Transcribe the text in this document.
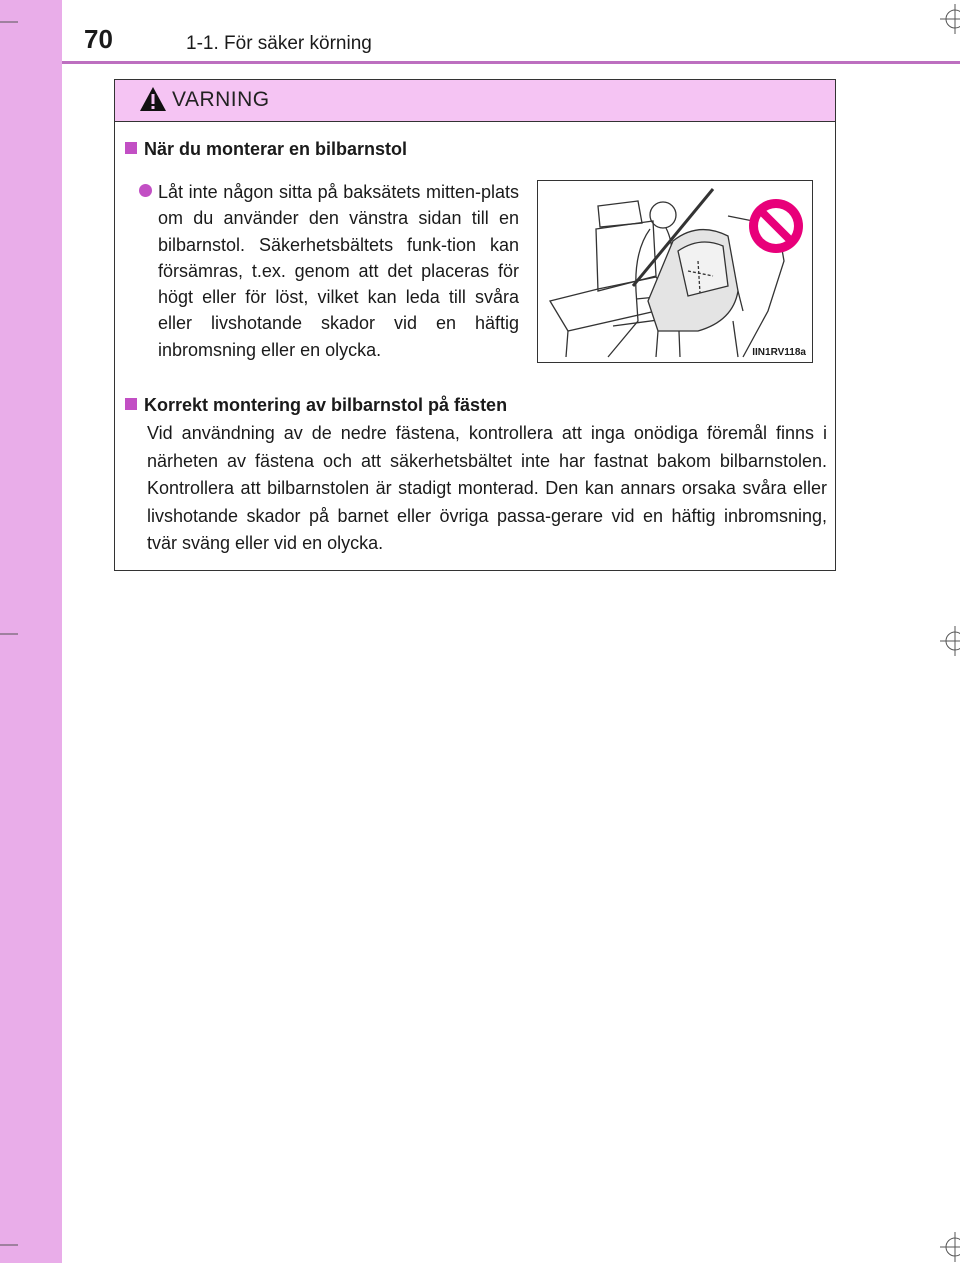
70	1-1. För säker körning
VARNING
När du monterar en bilbarnstol
Låt inte någon sitta på baksätets mitten-plats om du använder den vänstra sidan till en bilbarnstol. Säkerhetsbältets funk-tion kan försämras, t.ex. genom att det placeras för högt eller för löst, vilket kan leda till svåra eller livshotande skador vid en häftig inbromsning eller en olycka.	IIN1RV118a
Korrekt montering av bilbarnstol på fästen
Vid användning av de nedre fästena, kontrollera att inga onödiga föremål finns i närheten av fästena och att säkerhetsbältet inte har fastnat bakom bilbarnstolen. Kontrollera att bilbarnstolen är stadigt monterad. Den kan annars orsaka svåra eller livshotande skador på barnet eller övriga passa-gerare vid en häftig inbromsning, tvär sväng eller vid en olycka.
